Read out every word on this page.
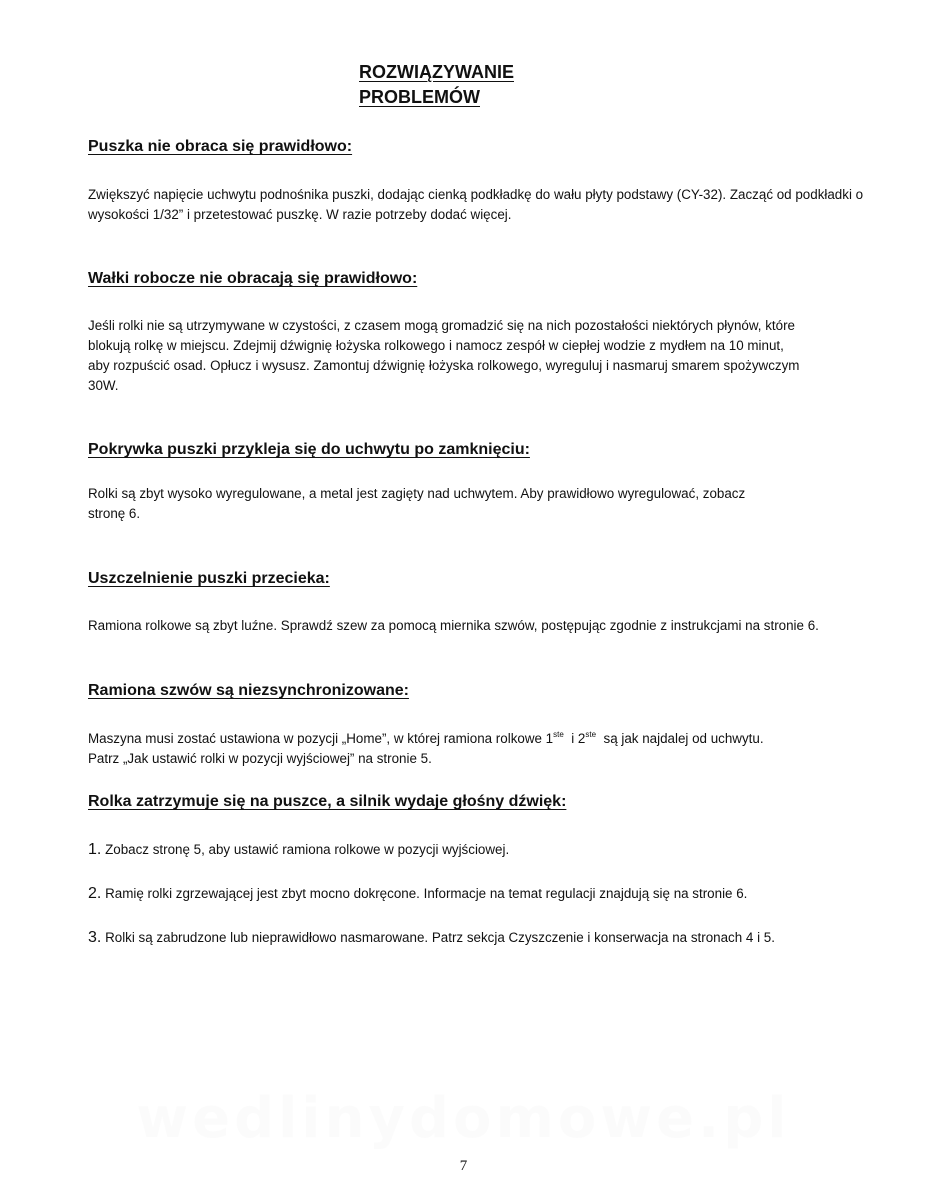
ROZWIĄZYWANIE
PROBLEMÓW
Puszka nie obraca się prawidłowo:

Zwiększyć napięcie uchwytu podnośnika puszki, dodając cienką podkładkę do wału płyty podstawy (CY-32). Zacząć od podkładki o wysokości 1/32” i przetestować puszkę. W razie potrzeby dodać więcej.

Wałki robocze nie obracają się prawidłowo:

Jeśli rolki nie są utrzymywane w czystości, z czasem mogą gromadzić się na nich pozostałości niektórych płynów, które

blokują rolkę w miejscu. Zdejmij dźwignię łożyska rolkowego i namocz zespół w ciepłej wodzie z mydłem na 10 minut,

aby rozpuścić osad. Opłucz i wysusz. Zamontuj dźwignię łożyska rolkowego, wyreguluj i nasmaruj smarem spożywczym

30W.

Pokrywka puszki przykleja się do uchwytu po zamknięciu:

Rolki są zbyt wysoko wyregulowane, a metal jest zagięty nad uchwytem. Aby prawidłowo wyregulować, zobacz

stronę 6.

Uszczelnienie puszki przecieka:

Ramiona rolkowe są zbyt luźne. Sprawdź szew za pomocą miernika szwów, postępując zgodnie z instrukcjami na stronie 6.

Ramiona szwów są niezsynchronizowane:

Maszyna musi zostać ustawiona w pozycji „Home”, w której ramiona rolkowe 1ste  i 2ste  są jak najdalej od uchwytu.

Patrz „Jak ustawić rolki w pozycji wyjściowej” na stronie 5.

Rolka zatrzymuje się na puszce, a silnik wydaje głośny dźwięk:

1. Zobacz stronę 5, aby ustawić ramiona rolkowe w pozycji wyjściowej.

2. Ramię rolki zgrzewającej jest zbyt mocno dokręcone. Informacje na temat regulacji znajdują się na stronie 6.

3. Rolki są zabrudzone lub nieprawidłowo nasmarowane. Patrz sekcja Czyszczenie i konserwacja na stronach 4 i 5.

wedlinydomowe.pl

7
